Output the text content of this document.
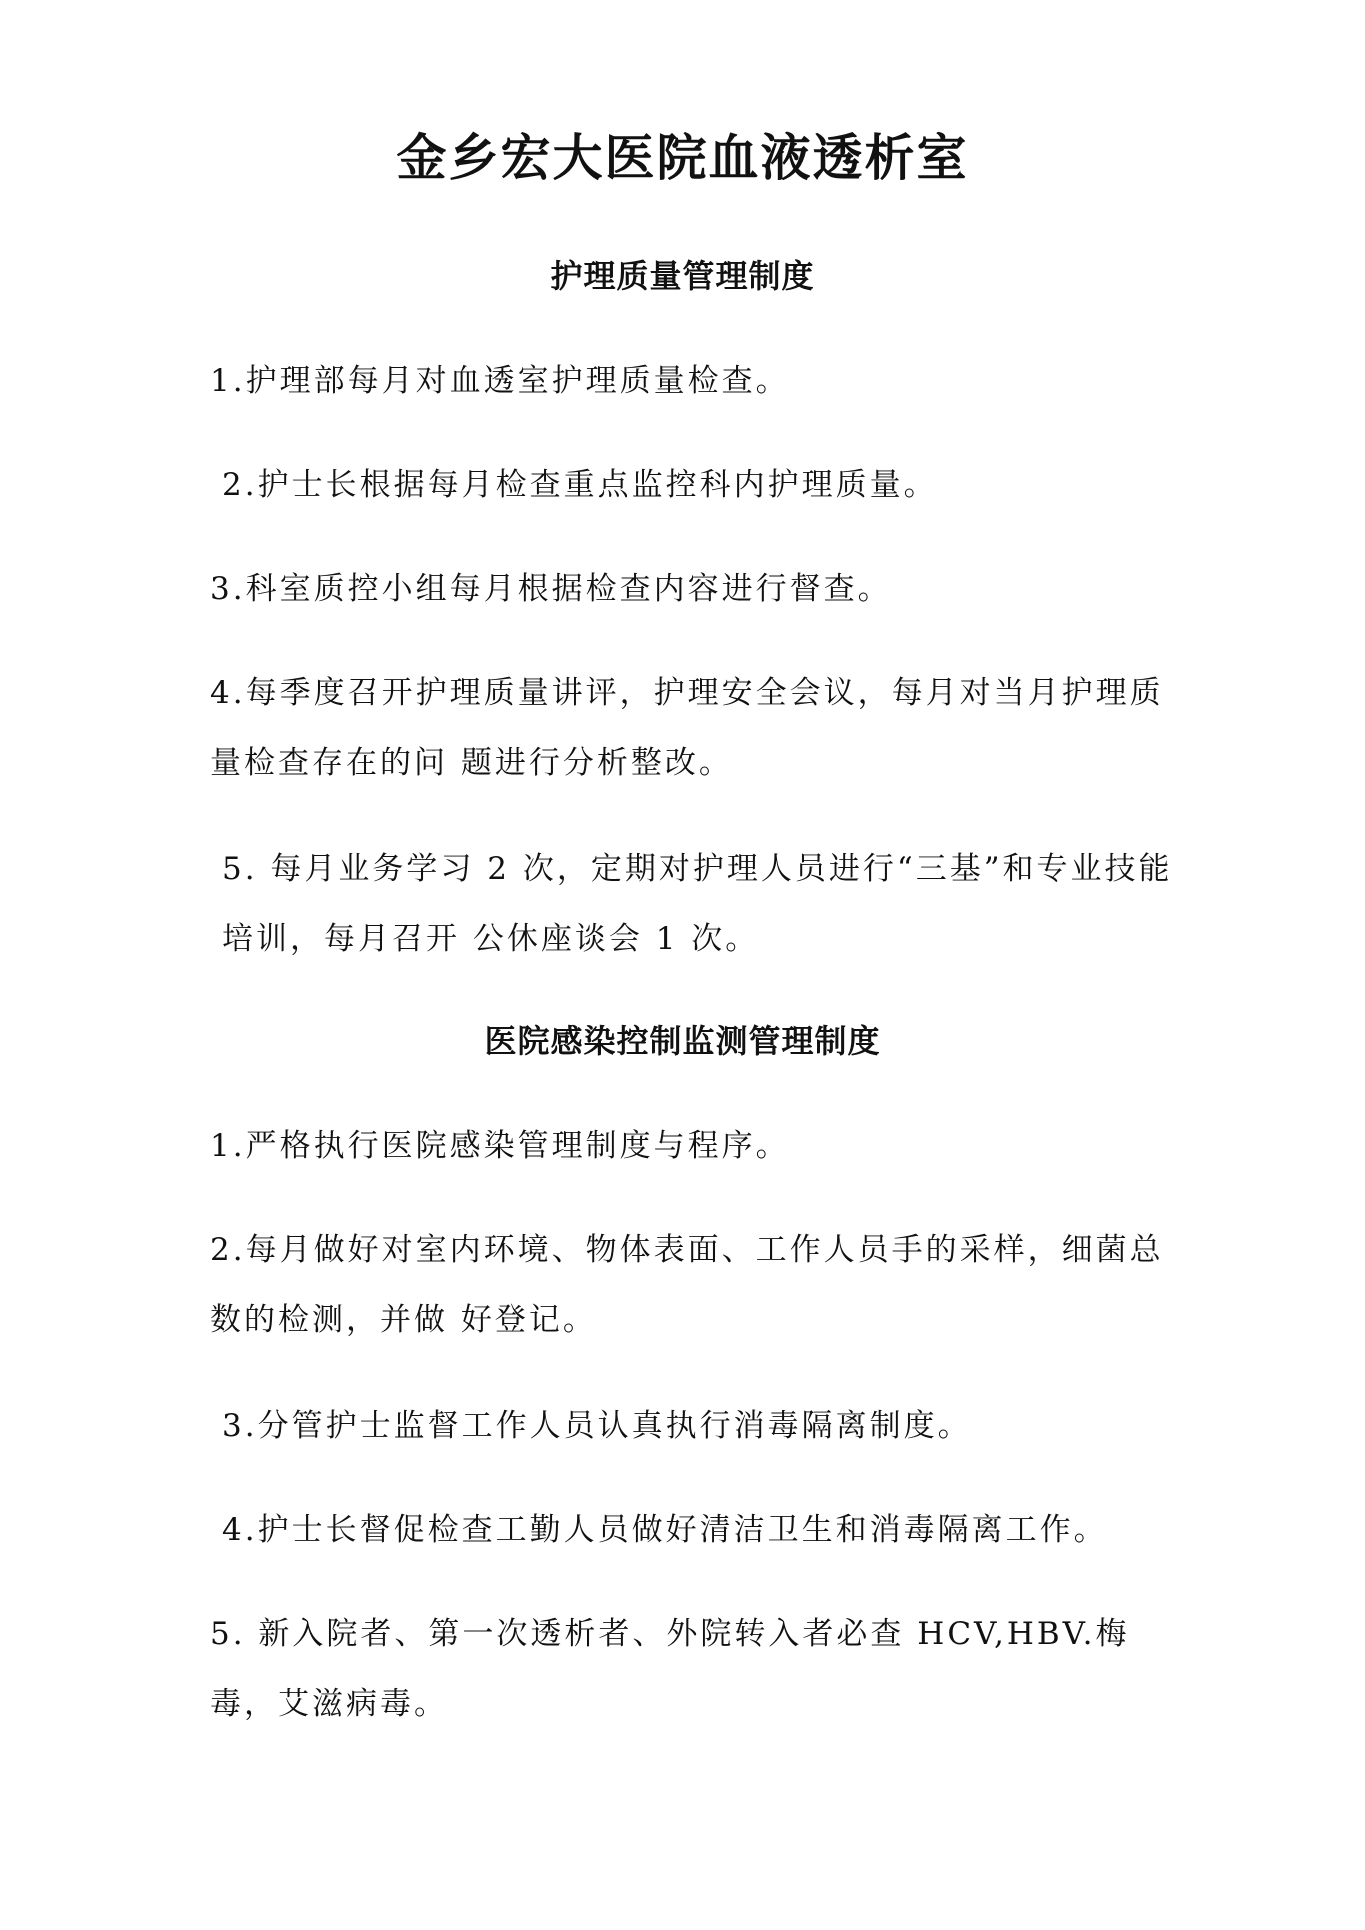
金乡宏大医院血液透析室
护理质量管理制度

1.护理部每月对血透室护理质量检查。

2.护士长根据每月检查重点监控科内护理质量。

3.科室质控小组每月根据检查内容进行督查。

4.每季度召开护理质量讲评，护理安全会议，每月对当月护理质量检查存在的问 题进行分析整改。

5. 每月业务学习 2 次，定期对护理人员进行“三基”和专业技能培训，每月召开 公休座谈会 1 次。

医院感染控制监测管理制度

1.严格执行医院感染管理制度与程序。

2.每月做好对室内环境、物体表面、工作人员手的采样，细菌总数的检测，并做 好登记。

3.分管护士监督工作人员认真执行消毒隔离制度。

4.护士长督促检查工勤人员做好清洁卫生和消毒隔离工作。

5. 新入院者、第一次透析者、外院转入者必查 HCV,HBV.梅毒，艾滋病毒。
